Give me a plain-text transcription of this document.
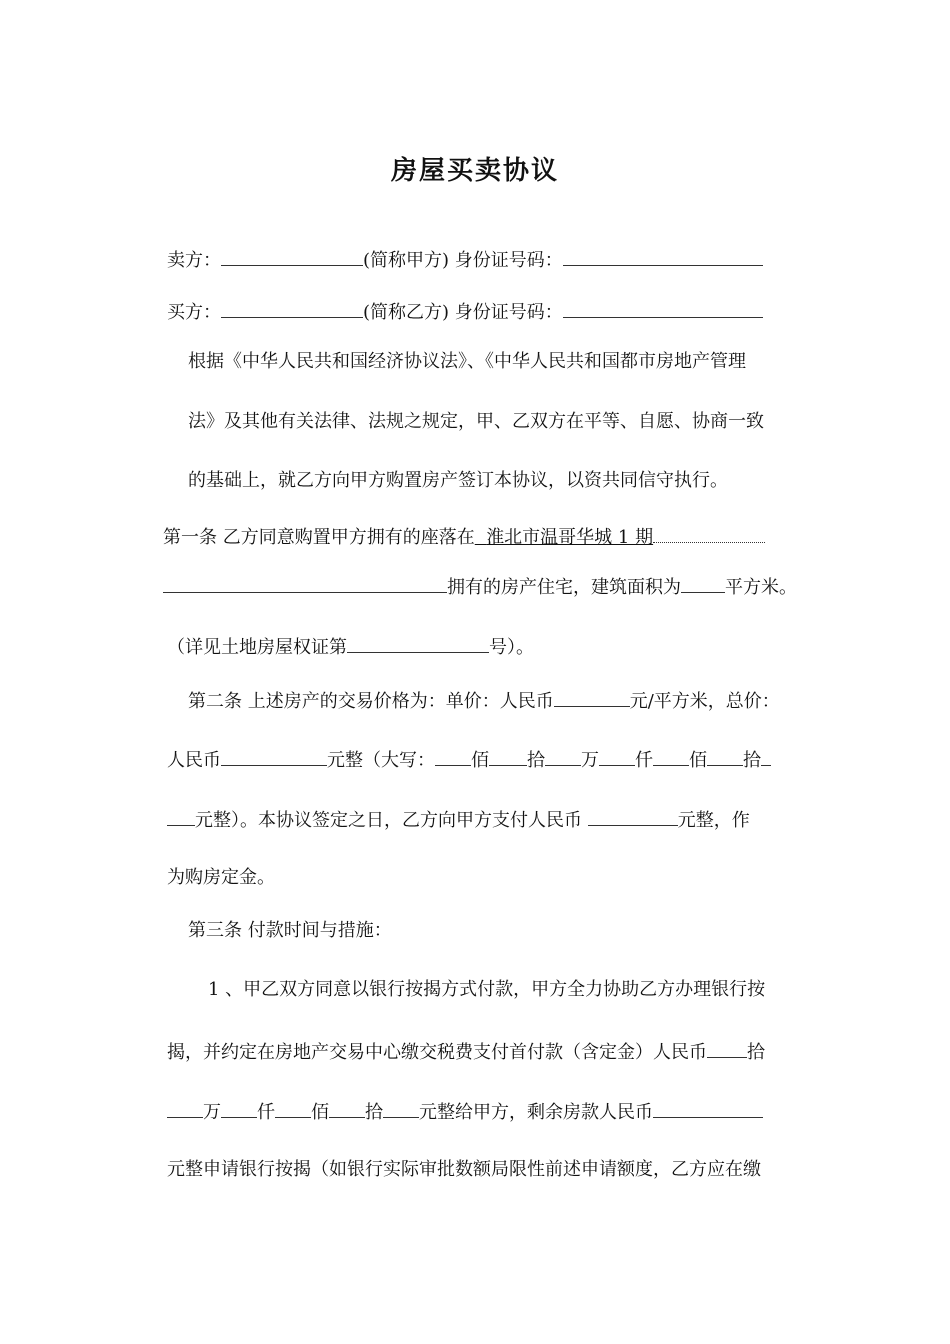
房屋买卖协议
卖方：	(简称甲方) 身份证号码：
买方：	(简称乙方) 身份证号码：
根据《中华人民共和国经济协议法》、《中华人民共和国都市房地产管理
法》及其他有关法律、法规之规定，甲、乙双方在平等、自愿、协商一致
的基础上，就乙方向甲方购置房产签订本协议，以资共同信守执行。
第一条 乙方同意购置甲方拥有的座落在 淮北市温哥华城 1 期
拥有的房产住宅，建筑面积为 平方米。
（详见土地房屋权证第	号）。
第二条 上述房产的交易价格为：单价：人民币	元/平方米，总价：
人民币	元整（大写： 佰 拾 万 仟 佰 拾
元整）。本协议签定之日，乙方向甲方支付人民币	元整，作
为购房定金。
第三条 付款时间与措施：
1 、甲乙双方同意以银行按揭方式付款，甲方全力协助乙方办理银行按
揭，并约定在房地产交易中心缴交税费支付首付款（含定金）人民币 拾
万 仟 佰 拾 元整给甲方，剩余房款人民币
元整申请银行按揭（如银行实际审批数额局限性前述申请额度，乙方应在缴
